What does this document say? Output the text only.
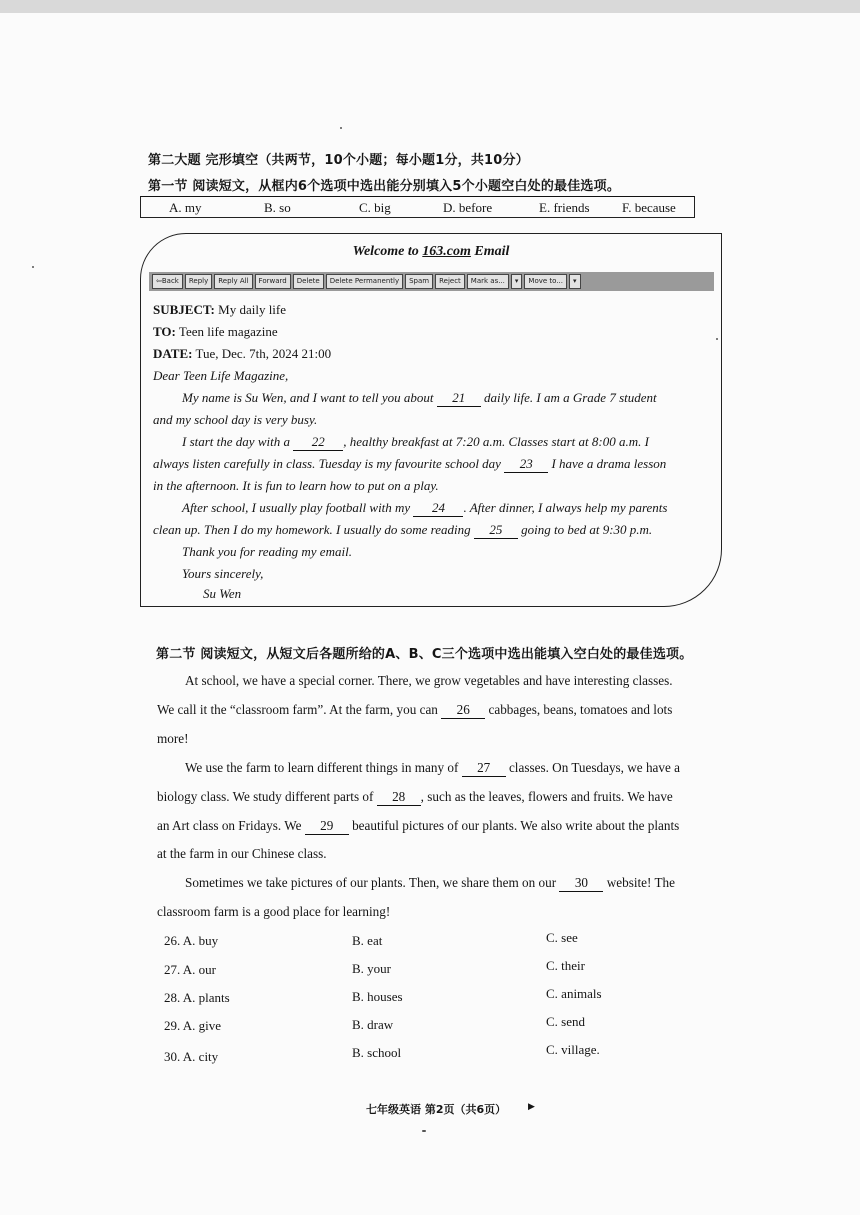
第二大题 完形填空（共两节，10个小题；每小题1分，共10分）
第一节 阅读短文，从框内6个选项中选出能分别填入5个小题空白处的最佳选项。
A. my	B. so	C. big	D. before	E. friends F. because
Welcome to 163.com Email
⇦Back	Reply	Reply All	Forward	Delete	Delete Permanently	Spam	Reject	Mark as...	▾	Move to...	▾
SUBJECT: My daily life
TO: Teen life magazine
DATE: Tue, Dec. 7th, 2024 21:00
Dear Teen Life Magazine,
My name is Su Wen, and I want to tell you about 21 daily life. I am a Grade 7 student
and my school day is very busy.
I start the day with a 22 , healthy breakfast at 7:20 a.m. Classes start at 8:00 a.m. I
always listen carefully in class. Tuesday is my favourite school day 23 I have a drama lesson
in the afternoon. It is fun to learn how to put on a play.
After school, I usually play football with my 24 . After dinner, I always help my parents
clean up. Then I do my homework. I usually do some reading 25 going to bed at 9:30 p.m.
Thank you for reading my email.
Yours sincerely,
Su Wen
第二节 阅读短文，从短文后各题所给的A、B、C三个选项中选出能填入空白处的最佳选项。
At school, we have a special corner. There, we grow vegetables and have interesting classes.
We call it the “classroom farm”. At the farm, you can 26 cabbages, beans, tomatoes and lots
more!
We use the farm to learn different things in many of 27 classes. On Tuesdays, we have a
biology class. We study different parts of 28 , such as the leaves, flowers and fruits. We have
an Art class on Fridays. We 29 beautiful pictures of our plants. We also write about the plants
at the farm in our Chinese class.
Sometimes we take pictures of our plants. Then, we share them on our 30 website! The
classroom farm is a good place for learning!
26. A. buy	B. eat	C. see
27. A. our	B. your	C. their
28. A. plants	B. houses	C. animals
29. A. give	B. draw	C. send
30. A. city	B. school	C. village.
七年级英语 第2页（共6页） ▶
